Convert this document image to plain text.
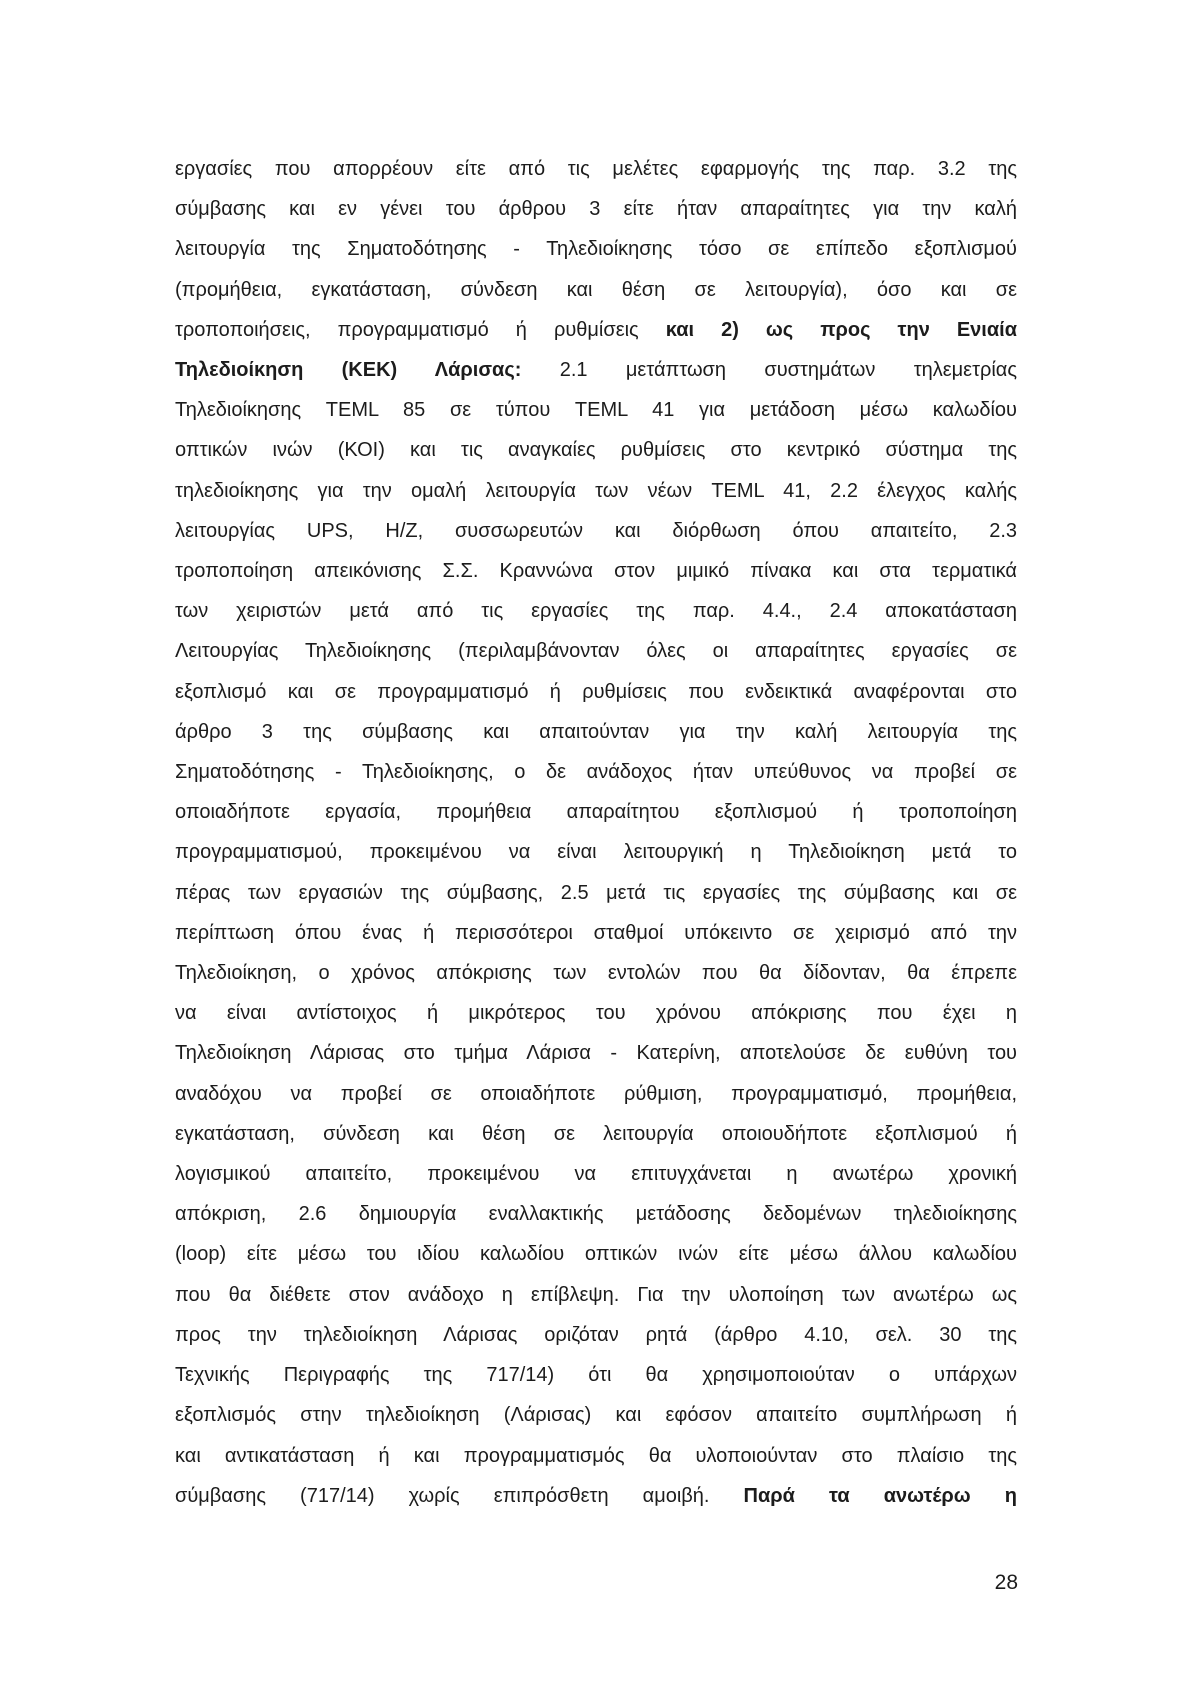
εργασίες που απορρέουν είτε από τις μελέτες εφαρμογής της παρ. 3.2 της
σύμβασης και εν γένει του άρθρου 3 είτε ήταν απαραίτητες για την καλή
λειτουργία της Σηματοδότησης - Τηλεδιοίκησης τόσο σε επίπεδο εξοπλισμού
(προμήθεια, εγκατάσταση, σύνδεση και θέση σε λειτουργία), όσο και σε
τροποποιήσεις, προγραμματισμό ή ρυθμίσεις και 2) ως προς την Ενιαία
Τηλεδιοίκηση (ΚΕΚ) Λάρισας: 2.1 μετάπτωση συστημάτων τηλεμετρίας
Τηλεδιοίκησης TEML 85 σε τύπου TEML 41 για μετάδοση μέσω καλωδίου
οπτικών ινών (ΚΟΙ) και τις αναγκαίες ρυθμίσεις στο κεντρικό σύστημα της
τηλεδιοίκησης για την ομαλή λειτουργία των νέων TEML 41, 2.2 έλεγχος καλής
λειτουργίας UPS, Η/Ζ, συσσωρευτών και διόρθωση όπου απαιτείτο, 2.3
τροποποίηση απεικόνισης Σ.Σ. Κραννώνα στον μιμικό πίνακα και στα τερματικά
των χειριστών μετά από τις εργασίες της παρ. 4.4., 2.4 αποκατάσταση
Λειτουργίας Τηλεδιοίκησης (περιλαμβάνονταν όλες οι απαραίτητες εργασίες σε
εξοπλισμό και σε προγραμματισμό ή ρυθμίσεις που ενδεικτικά αναφέρονται στο
άρθρο 3 της σύμβασης και απαιτούνταν για την καλή λειτουργία της
Σηματοδότησης - Τηλεδιοίκησης, ο δε ανάδοχος ήταν υπεύθυνος να προβεί σε
οποιαδήποτε εργασία, προμήθεια απαραίτητου εξοπλισμού ή τροποποίηση
προγραμματισμού, προκειμένου να είναι λειτουργική η Τηλεδιοίκηση μετά το
πέρας των εργασιών της σύμβασης, 2.5 μετά τις εργασίες της σύμβασης και σε
περίπτωση όπου ένας ή περισσότεροι σταθμοί υπόκειντο σε χειρισμό από την
Τηλεδιοίκηση, ο χρόνος απόκρισης των εντολών που θα δίδονταν, θα έπρεπε
να είναι αντίστοιχος ή μικρότερος του χρόνου απόκρισης που έχει η
Τηλεδιοίκηση Λάρισας στο τμήμα Λάρισα - Κατερίνη, αποτελούσε δε ευθύνη του
αναδόχου να προβεί σε οποιαδήποτε ρύθμιση, προγραμματισμό, προμήθεια,
εγκατάσταση, σύνδεση και θέση σε λειτουργία οποιουδήποτε εξοπλισμού ή
λογισμικού απαιτείτο, προκειμένου να επιτυγχάνεται η ανωτέρω χρονική
απόκριση, 2.6 δημιουργία εναλλακτικής μετάδοσης δεδομένων τηλεδιοίκησης
(loop) είτε μέσω του ιδίου καλωδίου οπτικών ινών είτε μέσω άλλου καλωδίου
που θα διέθετε στον ανάδοχο η επίβλεψη. Για την υλοποίηση των ανωτέρω ως
προς την τηλεδιοίκηση Λάρισας οριζόταν ρητά (άρθρο 4.10, σελ. 30 της
Τεχνικής Περιγραφής της 717/14) ότι θα χρησιμοποιούταν ο υπάρχων
εξοπλισμός στην τηλεδιοίκηση (Λάρισας) και εφόσον απαιτείτο συμπλήρωση ή
και αντικατάσταση ή και προγραμματισμός θα υλοποιούνταν στο πλαίσιο της
σύμβασης (717/14) χωρίς επιπρόσθετη αμοιβή. Παρά τα ανωτέρω η
28
